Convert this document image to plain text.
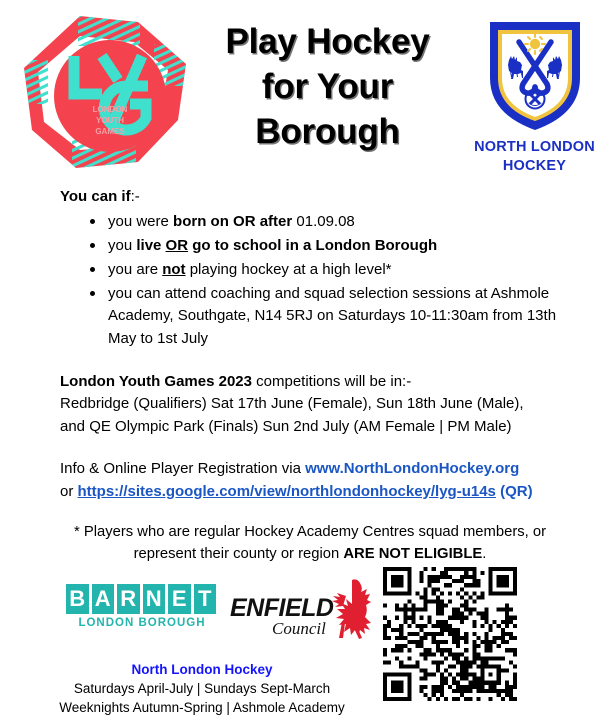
LONDON
YOUTH
GAMES
Play Hockey
for Your
Borough	NORTH LONDON
HOCKEY

You can if:-

you were born on OR after 01.09.08
you live OR go to school in a London Borough
you are not playing hockey at a high level*
you can attend coaching and squad selection sessions at Ashmole Academy, Southgate, N14 5RJ on Saturdays 10-11:30am from 13th May to 1st July

London Youth Games 2023 competitions will be in:-

Redbridge (Qualifiers) Sat 17th June (Female), Sun 18th June (Male),

and QE Olympic Park (Finals) Sun 2nd July (AM Female | PM Male)

Info & Online Player Registration via www.NorthLondonHockey.org

or https://sites.google.com/view/northlondonhockey/lyg-u14s (QR)

* Players who are regular Hockey Academy Centres squad members, or represent their county or region ARE NOT ELIGIBLE.

B A R N E T
LONDON BOROUGH
ENFIELD
Council
North London Hockey
Saturdays April-July | Sundays Sept-March
Weeknights Autumn-Spring | Ashmole Academy
